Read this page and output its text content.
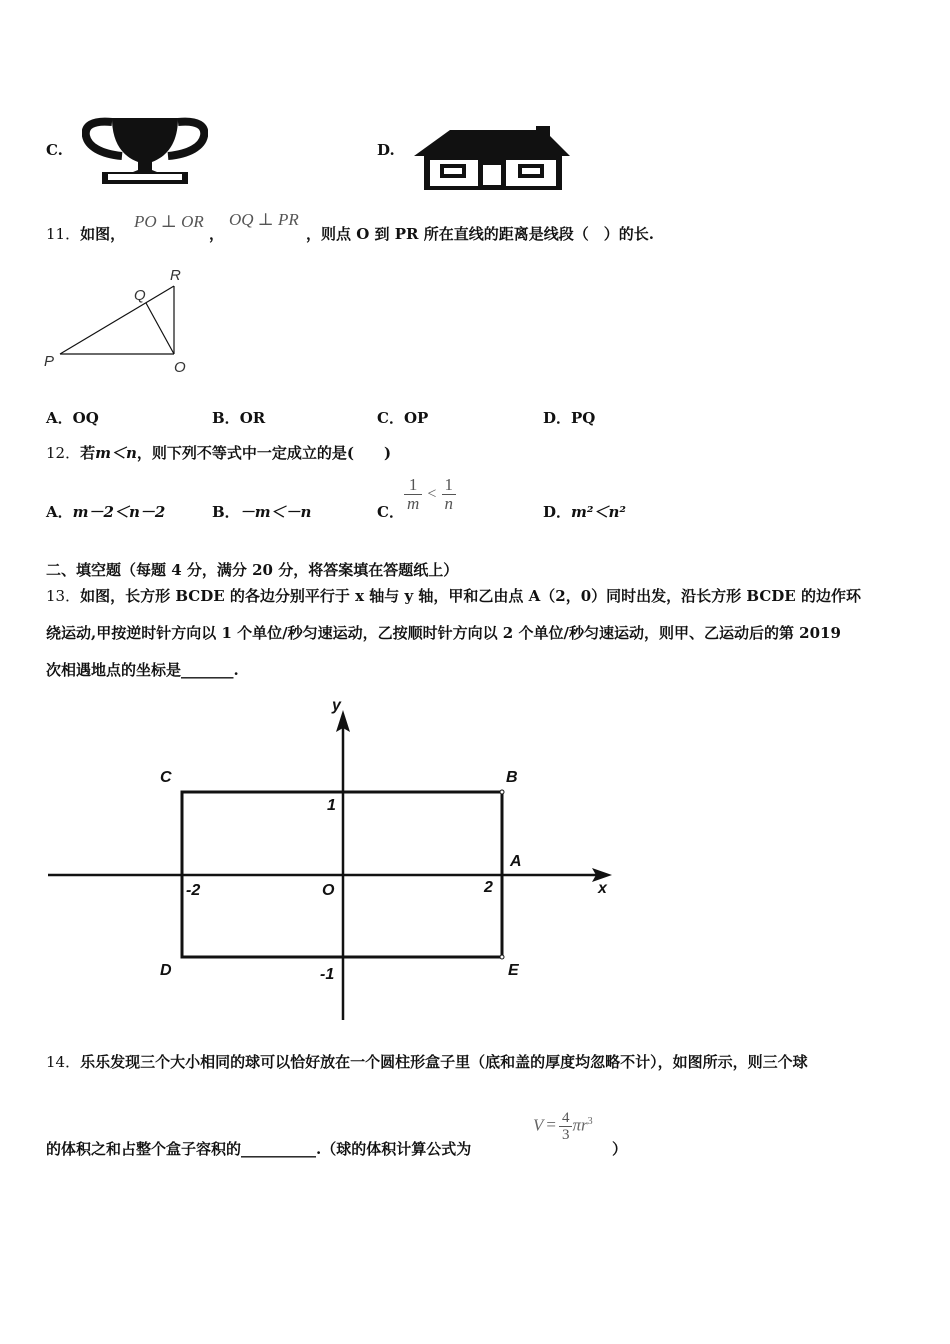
C.	D.
11．如图，
PO ⊥ OR
，
OQ ⊥ PR
，则点 O 到 PR 所在直线的距离是线段（　）的长.
P
Q
R
O
A．OQ	B．OR	C．OP	D．PQ
12．若m＜n，则下列不等式中一定成立的是(　　)
A．m－2＜n－2	B．－m＜－n	C． $\frac{1}{m} < \frac{1}{n}$	D．m²＜n²
二、填空题（每题 4 分，满分 20 分，将答案填在答题纸上）
13．如图，长方形 BCDE 的各边分别平行于 x 轴与 y 轴，甲和乙由点 A（2，0）同时出发，沿长方形 BCDE 的边作环
绕运动,甲按逆时针方向以 1 个单位/秒匀速运动，乙按顺时针方向以 2 个单位/秒匀速运动，则甲、乙运动后的第 2019
次相遇地点的坐标是_______.
y
x
C	B
A
D	E
O
1
-1
2
-2
14．乐乐发现三个大小相同的球可以恰好放在一个圆柱形盒子里（底和盖的厚度均忽略不计），如图所示，则三个球
的体积之和占整个盒子容积的__________.（球的体积计算公式为
$V = \frac{4}{3} \pi r^3$
）
